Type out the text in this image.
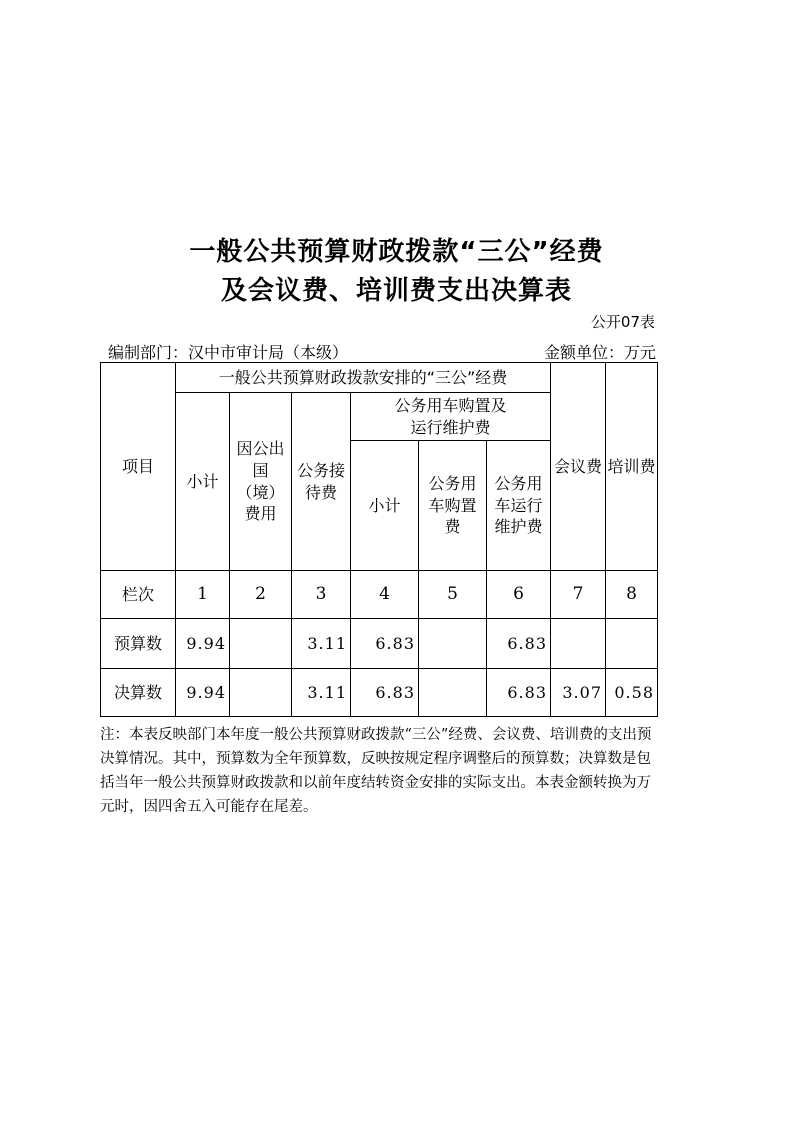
一般公共预算财政拨款“三公”经费
及会议费、培训费支出决算表
公开07表
编制部门：汉中市审计局（本级）	金额单位：万元
项目	一般公共预算财政拨款安排的“三公”经费						会议费	培训费
	小计	因公出国（境）费用	公务接待费	公务用车购置及运行维护费				
				小计	公务用车购置费	公务用车运行维护费		

栏次	1	2	3	4	5	6	7	8
预算数	9.94		3.11	6.83		6.83		
决算数	9.94		3.11	6.83		6.83	3.07	0.58
注：本表反映部门本年度一般公共预算财政拨款“三公”经费、会议费、培训费的支出预决算情况。其中，预算数为全年预算数，反映按规定程序调整后的预算数；决算数是包括当年一般公共预算财政拨款和以前年度结转资金安排的实际支出。本表金额转换为万元时，因四舍五入可能存在尾差。
